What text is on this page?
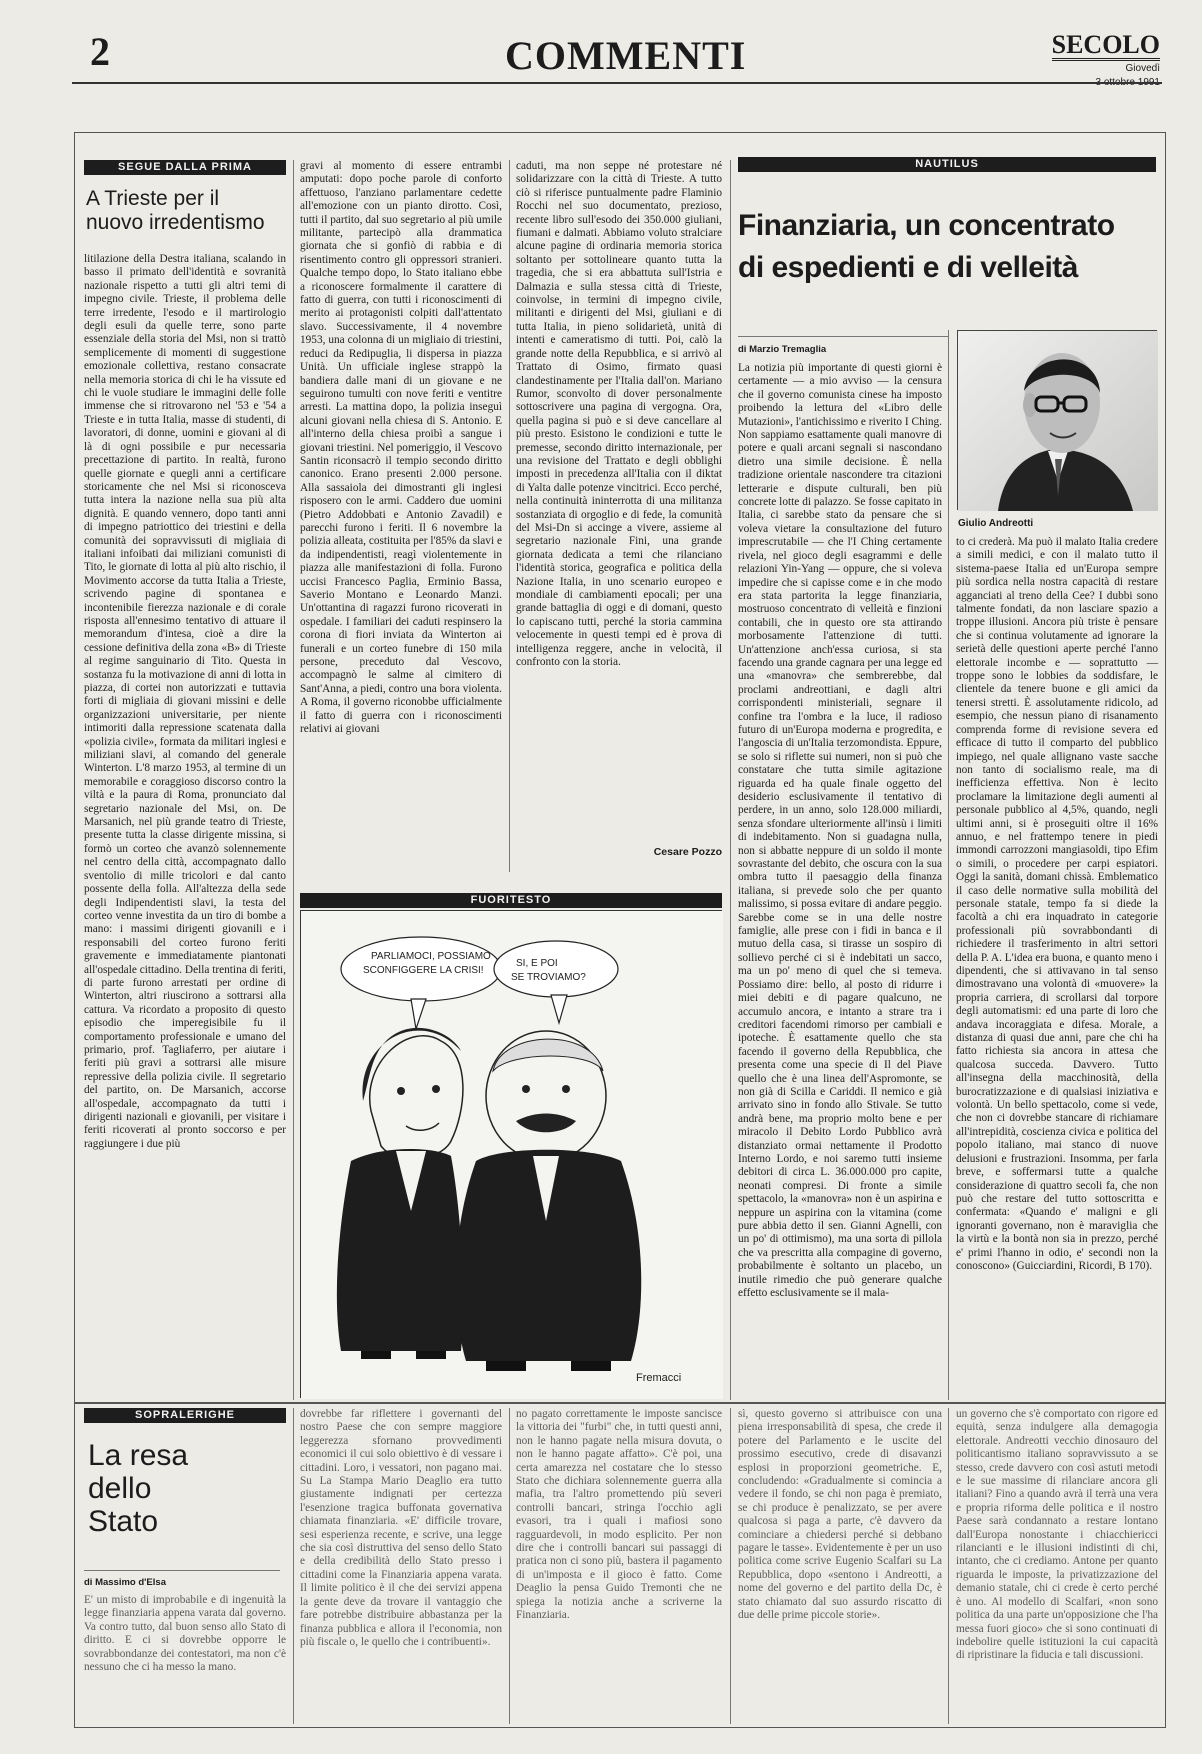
2	COMMENTI	SECOLO
Giovedì
3 ottobre 1991
SEGUE DALLA PRIMA
A Trieste per il nuovo irredentismo
litilazione della Destra italiana, scalando in basso il primato dell'identità e sovranità nazionale rispetto a tutti gli altri temi di impegno civile. Trieste, il problema delle terre irredente, l'esodo e il martirologio degli esuli da quelle terre, sono parte essenziale della storia del Msi, non si trattò semplicemente di momenti di suggestione emozionale collettiva, restano consacrate nella memoria storica di chi le ha vissute ed chi le vuole studiare le immagini delle folle immense che si ritrovarono nel '53 e '54 a Trieste e in tutta Italia, masse di studenti, di lavoratori, di donne, uomini e giovani al di là di ogni possibile e pur necessaria precettazione di partito. In realtà, furono quelle giornate e quegli anni a certificare storicamente che nel Msi si riconosceva tutta intera la nazione nella sua più alta dignità. E quando vennero, dopo tanti anni di impegno patriottico dei triestini e della comunità dei sopravvissuti di migliaia di italiani infoibati dai miliziani comunisti di Tito, le giornate di lotta al più alto rischio, il Movimento accorse da tutta Italia a Trieste, scrivendo pagine di spontanea e incontenibile fierezza nazionale e di corale risposta all'ennesimo tentativo di attuare il memorandum d'intesa, cioè a dire la cessione definitiva della zona «B» di Trieste al regime sanguinario di Tito. Questa in sostanza fu la motivazione di anni di lotta in piazza, di cortei non autorizzati e tuttavia forti di migliaia di giovani missini e delle organizzazioni universitarie, per niente intimoriti dalla repressione scatenata dalla «polizia civile», formata da militari inglesi e miliziani slavi, al comando del generale Winterton. L'8 marzo 1953, al termine di un memorabile e coraggioso discorso contro la viltà e la paura di Roma, pronunciato dal segretario nazionale del Msi, on. De Marsanich, nel più grande teatro di Trieste, presente tutta la classe dirigente missina, si formò un corteo che avanzò solennemente nel centro della città, accompagnato dallo sventolio di mille tricolori e dal canto possente della folla. All'altezza della sede degli Indipendentisti slavi, la testa del corteo venne investita da un tiro di bombe a mano: i massimi dirigenti giovanili e i responsabili del corteo furono feriti gravemente e immediatamente piantonati all'ospedale cittadino. Della trentina di feriti, di parte furono arrestati per ordine di Winterton, altri riuscirono a sottrarsi alla cattura. Va ricordato a proposito di questo episodio che imperegisibile fu il comportamento professionale e umano del primario, prof. Tagliaferro, per aiutare i feriti più gravi a sottrarsi alle misure repressive della polizia civile. Il segretario del partito, on. De Marsanich, accorse all'ospedale, accompagnato da tutti i dirigenti nazionali e giovanili, per visitare i feriti ricoverati al pronto soccorso e per raggiungere i due più
gravi al momento di essere entrambi amputati: dopo poche parole di conforto affettuoso, l'anziano parlamentare cedette all'emozione con un pianto dirotto. Così, tutti il partito, dal suo segretario al più umile militante, partecipò alla drammatica giornata che si gonfiò di rabbia e di risentimento contro gli oppressori stranieri. Qualche tempo dopo, lo Stato italiano ebbe a riconoscere formalmente il carattere di fatto di guerra, con tutti i riconoscimenti di merito ai protagonisti colpiti dall'attentato slavo. Successivamente, il 4 novembre 1953, una colonna di un migliaio di triestini, reduci da Redipuglia, li dispersa in piazza Unità. Un ufficiale inglese strappò la bandiera dalle mani di un giovane e ne seguirono tumulti con nove feriti e ventitre arresti. La mattina dopo, la polizia inseguì alcuni giovani nella chiesa di S. Antonio. E all'interno della chiesa proibì a sangue i giovani triestini. Nel pomeriggio, il Vescovo Santin riconsacrò il tempio secondo diritto canonico. Erano presenti 2.000 persone. Alla sassaiola dei dimostranti gli inglesi risposero con le armi. Caddero due uomini (Pietro Addobbati e Antonio Zavadil) e parecchi furono i feriti. Il 6 novembre la polizia alleata, costituita per l'85% da slavi e da indipendentisti, reagì violentemente in piazza alle manifestazioni di folla. Furono uccisi Francesco Paglia, Erminio Bassa, Saverio Montano e Leonardo Manzi. Un'ottantina di ragazzi furono ricoverati in ospedale. I familiari dei caduti respinsero la corona di fiori inviata da Winterton ai funerali e un corteo funebre di 150 mila persone, preceduto dal Vescovo, accompagnò le salme al cimitero di Sant'Anna, a piedi, contro una bora violenta. A Roma, il governo riconobbe ufficialmente il fatto di guerra con i riconoscimenti relativi ai giovani
caduti, ma non seppe né protestare né solidarizzare con la città di Trieste. A tutto ciò si riferisce puntualmente padre Flaminio Rocchi nel suo documentato, prezioso, recente libro sull'esodo dei 350.000 giuliani, fiumani e dalmati. Abbiamo voluto stralciare alcune pagine di ordinaria memoria storica soltanto per sottolineare quanto tutta la tragedia, che si era abbattuta sull'Istria e Dalmazia e sulla stessa città di Trieste, coinvolse, in termini di impegno civile, militanti e dirigenti del Msi, giuliani e di tutta Italia, in pieno solidarietà, unità di intenti e cameratismo di tutti. Poi, calò la grande notte della Repubblica, e si arrivò al Trattato di Osimo, firmato quasi clandestinamente per l'Italia dall'on. Mariano Rumor, sconvolto di dover personalmente sottoscrivere una pagina di vergogna. Ora, quella pagina si può e si deve cancellare al più presto. Esistono le condizioni e tutte le premesse, secondo diritto internazionale, per una revisione del Trattato e degli obblighi imposti in precedenza all'Italia con il diktat di Yalta dalle potenze vincitrici. Ecco perché, nella continuità ininterrotta di una militanza sostanziata di orgoglio e di fede, la comunità del Msi-Dn si accinge a vivere, assieme al segretario nazionale Fini, una grande giornata dedicata a temi che rilanciano l'identità storica, geografica e politica della Nazione Italia, in uno scenario europeo e mondiale di cambiamenti epocali; per una grande battaglia di oggi e di domani, questo lo capiscano tutti, perché la storia cammina velocemente in questi tempi ed è prova di intelligenza reggere, anche in velocità, il confronto con la storia.
Cesare Pozzo
NAUTILUS
Finanziaria, un concentrato di espedienti e di velleità
di Marzio Tremaglia
La notizia più importante di questi giorni è certamente — a mio avviso — la censura che il governo comunista cinese ha imposto proibendo la lettura del «Libro delle Mutazioni», l'antichissimo e riverito I Ching. Non sappiamo esattamente quali manovre di potere e quali arcani segnali si nascondano dietro una simile decisione. È nella tradizione orientale nascondere tra citazioni letterarie e dispute culturali, ben più concrete lotte di palazzo. Se fosse capitato in Italia, ci sarebbe stato da pensare che si voleva vietare la consultazione del futuro imprescrutabile — che l'I Ching certamente rivela, nel gioco degli esagrammi e delle relazioni Yin-Yang — oppure, che si voleva impedire che si capisse come e in che modo era stata partorita la legge finanziaria, mostruoso concentrato di velleità e finzioni contabili, che in questo ore sta attirando morbosamente l'attenzione di tutti. Un'attenzione anch'essa curiosa, si sta facendo una grande cagnara per una legge ed una «manovra» che sembrerebbe, dal proclami andreottiani, e dagli altri corrispondenti ministeriali, segnare il confine tra l'ombra e la luce, il radioso futuro di un'Europa moderna e progredita, e l'angoscia di un'Italia terzomondista. Eppure, se solo si riflette sui numeri, non si può che constatare che tutta simile agitazione riguarda ed ha quale finale oggetto del desiderio esclusivamente il tentativo di perdere, in un anno, solo 128.000 miliardi, senza sfondare ulteriormente all'insù i limiti di indebitamento. Non si guadagna nulla, non si abbatte neppure di un soldo il monte sovrastante del debito, che oscura con la sua ombra tutto il paesaggio della finanza italiana, si prevede solo che per quanto malissimo, si possa evitare di andare peggio. Sarebbe come se in una delle nostre famiglie, alle prese con i fidi in banca e il mutuo della casa, si tirasse un sospiro di sollievo perché ci si è indebitati un sacco, ma un po' meno di quel che si temeva. Possiamo dire: bello, al posto di ridurre i miei debiti e di pagare qualcuno, ne accumulo ancora, e intanto a strare tra i creditori facendomi rimorso per cambiali e ipoteche. È esattamente quello che sta facendo il governo della Repubblica, che presenta come una specie di Il del Piave quello che è una linea dell'Aspromonte, se non già di Scilla e Cariddi. Il nemico e già arrivato sino in fondo allo Stivale. Se tutto andrà bene, ma proprio molto bene e per miracolo il Debito Lordo Pubblico avrà distanziato ormai nettamente il Prodotto Interno Lordo, e noi saremo tutti insieme debitori di circa L. 36.000.000 pro capite, neonati compresi. Di fronte a simile spettacolo, la «manovra» non è un aspirina e neppure un aspirina con la vitamina (come pure abbia detto il sen. Gianni Agnelli, con un po' di ottimismo), ma una sorta di pillola che va prescritta alla compagine di governo, probabilmente è soltanto un placebo, un inutile rimedio che può generare qualche effetto esclusivamente se il mala-
Giulio Andreotti
to ci crederà. Ma può il malato Italia credere a simili medici, e con il malato tutto il sistema-paese Italia ed un'Europa sempre più sordica nella nostra capacità di restare agganciati al treno della Cee? I dubbi sono talmente fondati, da non lasciare spazio a troppe illusioni. Ancora più triste è pensare che si continua volutamente ad ignorare la serietà delle questioni aperte perché l'anno elettorale incombe e — soprattutto — troppe sono le lobbies da soddisfare, le clientele da tenere buone e gli amici da tenersi stretti. È assolutamente ridicolo, ad esempio, che nessun piano di risanamento comprenda forme di revisione severa ed efficace di tutto il comparto del pubblico impiego, nel quale allignano vaste sacche non tanto di socialismo reale, ma di inefficienza effettiva. Non è lecito proclamare la limitazione degli aumenti al personale pubblico al 4,5%, quando, negli ultimi anni, si è proseguiti oltre il 16% annuo, e nel frattempo tenere in piedi immondi carrozzoni mangiasoldi, tipo Efim o simili, o procedere per carpi espiatori. Oggi la sanità, domani chissà. Emblematico il caso delle normative sulla mobilità del personale statale, tempo fa si diede la facoltà a chi era inquadrato in categorie professionali più sovrabbondanti di richiedere il trasferimento in altri settori della P. A. L'idea era buona, e quanto meno i dipendenti, che si attivavano in tal senso dimostravano una volontà di «muovere» la propria carriera, di scrollarsi dal torpore degli automatismi: ed una parte di loro che andava incoraggiata e difesa. Morale, a distanza di quasi due anni, pare che chi ha fatto richiesta sia ancora in attesa che qualcosa succeda. Davvero. Tutto all'insegna della macchinosità, della burocratizzazione e di qualsiasi iniziativa e volontà. Un bello spettacolo, come si vede, che non ci dovrebbe stancare di richiamare all'intrepidità, coscienza civica e politica del popolo italiano, mai stanco di nuove delusioni e frustrazioni. Insomma, per farla breve, e soffermarsi tutte a qualche considerazione di quattro secoli fa, che non può che restare del tutto sottoscritta e confermata: «Quando e' maligni e gli ignoranti governano, non è maraviglia che la virtù e la bontà non sia in prezzo, perché e' primi l'hanno in odio, e' secondi non la conoscono» (Guicciardini, Ricordi, B 170).
FUORITESTO
PARLIAMOCI, POSSIAMO
SCONFIGGERE LA CRISI!
SI, E POI
SE TROVIAMO?
Fremacci
SOPRALERIGHE
La resa
dello
Stato
di Massimo d'Elsa
E' un misto di improbabile e di ingenuità la legge finanziaria appena varata dal governo. Va contro tutto, dal buon senso allo Stato di diritto. E ci si dovrebbe opporre le sovrabbondanze dei contestatori, ma non c'è nessuno che ci ha messo la mano.
dovrebbe far riflettere i governanti del nostro Paese che con sempre maggiore leggerezza sfornano provvedimenti economici il cui solo obiettivo è di vessare i cittadini. Loro, i vessatori, non pagano mai. Su La Stampa Mario Deaglio era tutto giustamente indignati per certezza l'esenzione tragica buffonata governativa chiamata finanziaria. «E' difficile trovare, sesi esperienza recente, e scrive, una legge che sia così distruttiva del senso dello Stato e della credibilità dello Stato presso i cittadini come la Finanziaria appena varata. Il limite politico è il che dei servizi appena la gente deve da trovare il vantaggio che fare potrebbe distribuire abbastanza per la finanza pubblica e allora il l'economia, non più fiscale o, le quello che i contribuenti».
no pagato correttamente le imposte sancisce la vittoria dei "furbi" che, in tutti questi anni, non le hanno pagate nella misura dovuta, o non le hanno pagate affatto». C'è poi, una certa amarezza nel costatare che lo stesso Stato che dichiara solennemente guerra alla mafia, tra l'altro promettendo più severi controlli bancari, stringa l'occhio agli evasori, tra i quali i mafiosi sono ragguardevoli, in modo esplicito. Per non dire che i controlli bancari sui passaggi di pratica non ci sono più, bastera il pagamento di un'imposta e il gioco è fatto. Come Deaglio la pensa Guido Tremonti che ne spiega la notizia anche a scriverne la Finanziaria.
sì, questo governo si attribuisce con una piena irresponsabilità di spesa, che crede il potere del Parlamento e le uscite del prossimo esecutivo, crede di disavanzi esplosi in proporzioni geometriche. E, concludendo: «Gradualmente si comincia a vedere il fondo, se chi non paga è premiato, se chi produce è penalizzato, se per avere qualcosa si paga a parte, c'è davvero da cominciare a chiedersi perché si debbano pagare le tasse». Evidentemente è per un uso politica come scrive Eugenio Scalfari su La Repubblica, dopo «sentono i Andreotti, a nome del governo e del partito della Dc, è stato chiamato dal suo assurdo riscatto di due delle prime piccole storie».
un governo che s'è comportato con rigore ed equità, senza indulgere alla demagogia elettorale. Andreotti vecchio dinosauro del politicantismo italiano sopravvissuto a se stesso, crede davvero con così astuti metodi e le sue massime di rilanciare ancora gli italiani? Fino a quando avrà il terrà una vera e propria riforma delle politica e il nostro Paese sarà condannato a restare lontano dall'Europa nonostante i chiacchiericci rilancianti e le illusioni indistinti di chi, intanto, che ci crediamo. Antone per quanto riguarda le imposte, la privatizzazione del demanio statale, chi ci crede è certo perché è uno. Al modello di Scalfari, «non sono politica da una parte un'opposizione che l'ha messa fuori gioco» che si sono continuati di indebolire quelle istituzioni la cui capacità di ripristinare la fiducia e tali discussioni.
